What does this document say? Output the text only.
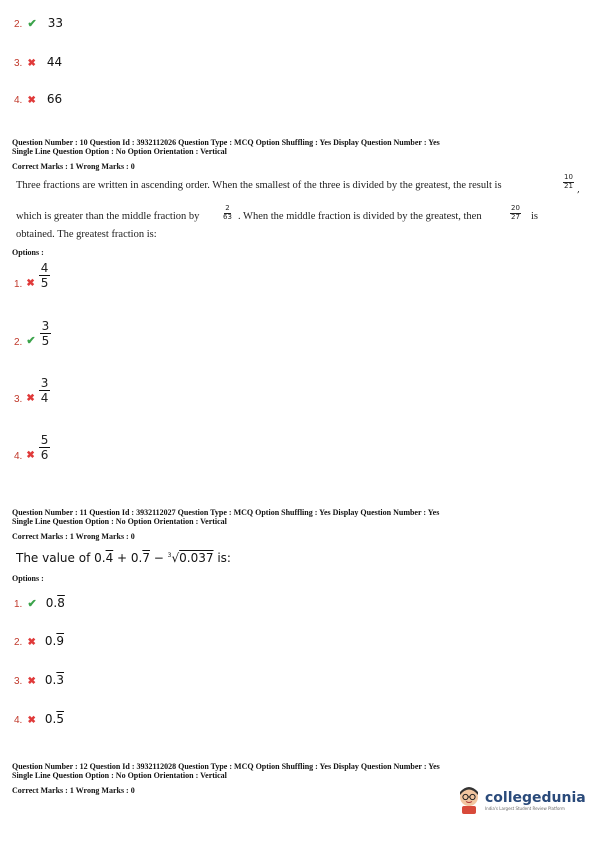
2. ✔ 33
3. ✖ 44
4. ✖ 66
Question Number : 10 Question Id : 3932112026 Question Type : MCQ Option Shuffling : Yes Display Question Number : Yes
Single Line Question Option : No Option Orientation : Vertical
Correct Marks : 1 Wrong Marks : 0
Three fractions are written in ascending order. When the smallest of the three is divided by the greatest, the result is	$\frac{10}{21}$ ,
which is greater than the middle fraction by	$\frac{2}{63}$ . When the middle fraction is divided by the greatest, then	$\frac{20}{27}$ is
obtained. The greatest fraction is:
Options :
1. ✖ $\frac{4}{5}$
2. ✔ $\frac{3}{5}$
3. ✖ $\frac{3}{4}$
4. ✖ $\frac{5}{6}$
Question Number : 11 Question Id : 3932112027 Question Type : MCQ Option Shuffling : Yes Display Question Number : Yes
Single Line Question Option : No Option Orientation : Vertical
Correct Marks : 1 Wrong Marks : 0
The value of 0.4 + 0.7 − $^3$√0.037 is:
Options :
1. ✔ 0.8
2. ✖ 0.9
3. ✖ 0.3
4. ✖ 0.5
Question Number : 12 Question Id : 3932112028 Question Type : MCQ Option Shuffling : Yes Display Question Number : Yes
Single Line Question Option : No Option Orientation : Vertical
Correct Marks : 1 Wrong Marks : 0	collegedunia
India's Largest Student Review Platform
